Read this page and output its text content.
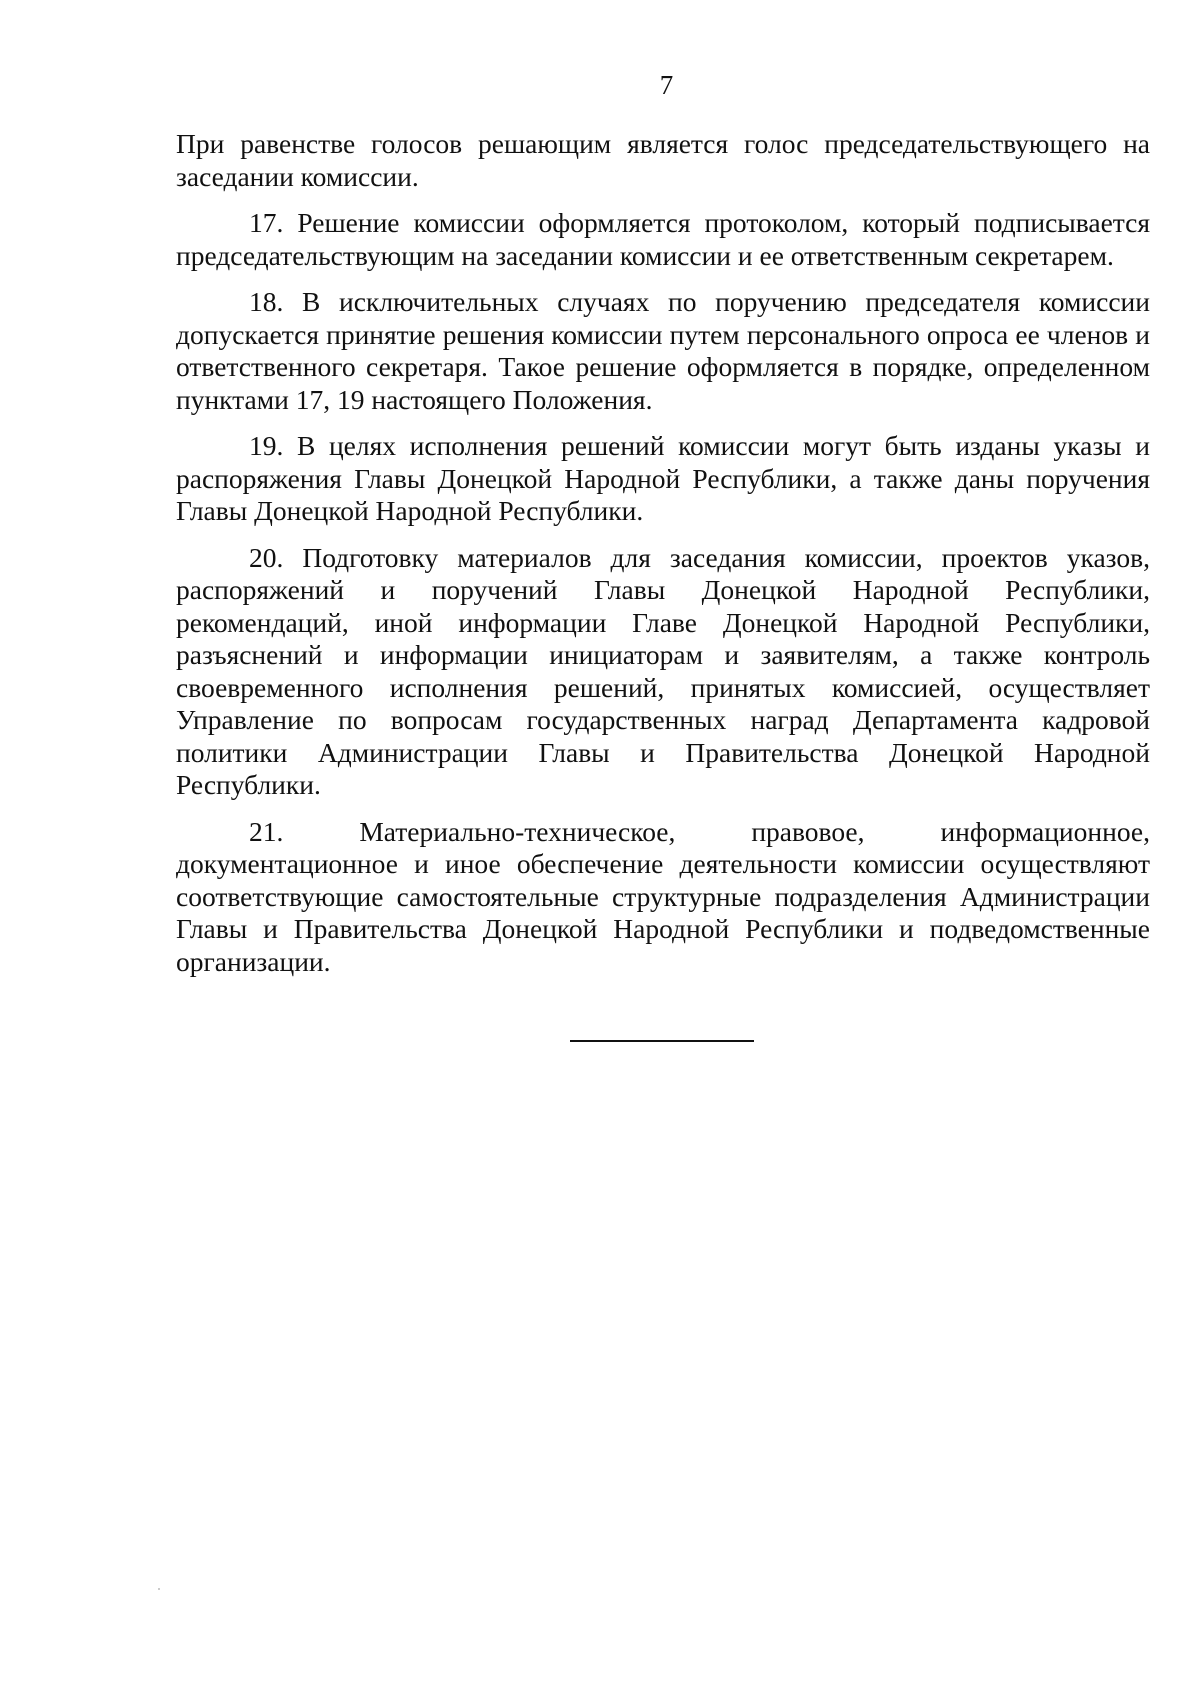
7

При равенстве голосов решающим является голос председательствующего на заседании комиссии.

17. Решение комиссии оформляется протоколом, который подписывается председательствующим на заседании комиссии и ее ответственным секретарем.

18. В исключительных случаях по поручению председателя комиссии допускается принятие решения комиссии путем персонального опроса ее членов и ответственного секретаря. Такое решение оформляется в порядке, определенном пунктами 17, 19 настоящего Положения.

19. В целях исполнения решений комиссии могут быть изданы указы и распоряжения Главы Донецкой Народной Республики, а также даны поручения Главы Донецкой Народной Республики.

20. Подготовку материалов для заседания комиссии, проектов указов, распоряжений и поручений Главы Донецкой Народной Республики, рекомендаций, иной информации Главе Донецкой Народной Республики, разъяснений и информации инициаторам и заявителям, а также контроль своевременного исполнения решений, принятых комиссией, осуществляет Управление по вопросам государственных наград Департамента кадровой политики Администрации Главы и Правительства Донецкой Народной Республики.

21. Материально-техническое, правовое, информационное, документационное и иное обеспечение деятельности комиссии осуществляют соответствующие самостоятельные структурные подразделения Администрации Главы и Правительства Донецкой Народной Республики и подведомственные организации.
